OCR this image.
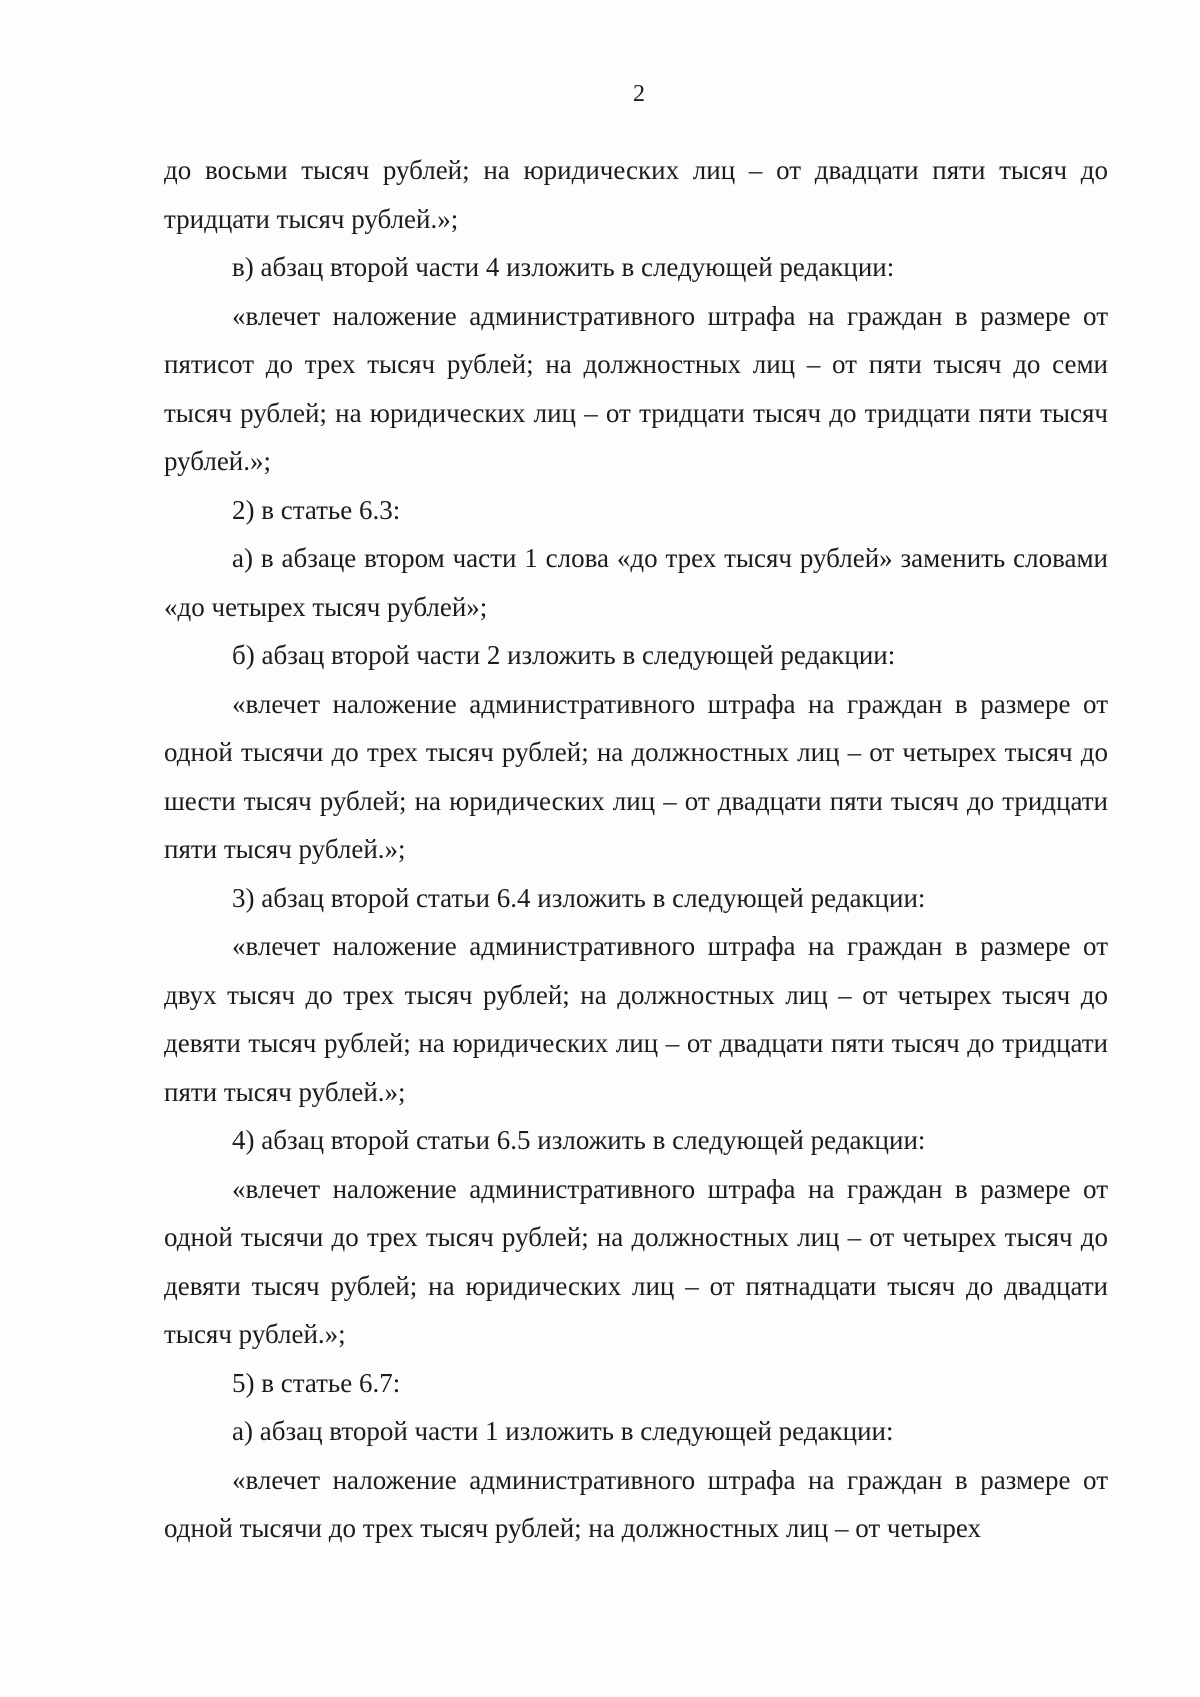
2

до восьми тысяч рублей; на юридических лиц – от двадцати пяти тысяч до тридцати тысяч рублей.»;

в) абзац второй части 4 изложить в следующей редакции:

«влечет наложение административного штрафа на граждан в размере от пятисот до трех тысяч рублей; на должностных лиц – от пяти тысяч до семи тысяч рублей; на юридических лиц – от тридцати тысяч до тридцати пяти тысяч рублей.»;

2) в статье 6.3:

а) в абзаце втором части 1 слова «до трех тысяч рублей» заменить словами «до четырех тысяч рублей»;

б) абзац второй части 2 изложить в следующей редакции:

«влечет наложение административного штрафа на граждан в размере от одной тысячи до трех тысяч рублей; на должностных лиц – от четырех тысяч до шести тысяч рублей; на юридических лиц – от двадцати пяти тысяч до тридцати пяти тысяч рублей.»;

3) абзац второй статьи 6.4 изложить в следующей редакции:

«влечет наложение административного штрафа на граждан в размере от двух тысяч до трех тысяч рублей; на должностных лиц – от четырех тысяч до девяти тысяч рублей; на юридических лиц – от двадцати пяти тысяч до тридцати пяти тысяч рублей.»;

4) абзац второй статьи 6.5 изложить в следующей редакции:

«влечет наложение административного штрафа на граждан в размере от одной тысячи до трех тысяч рублей; на должностных лиц – от четырех тысяч до девяти тысяч рублей; на юридических лиц – от пятнадцати тысяч до двадцати тысяч рублей.»;

5) в статье 6.7:

а) абзац второй части 1 изложить в следующей редакции:

«влечет наложение административного штрафа на граждан в размере от одной тысячи до трех тысяч рублей; на должностных лиц – от четырех
